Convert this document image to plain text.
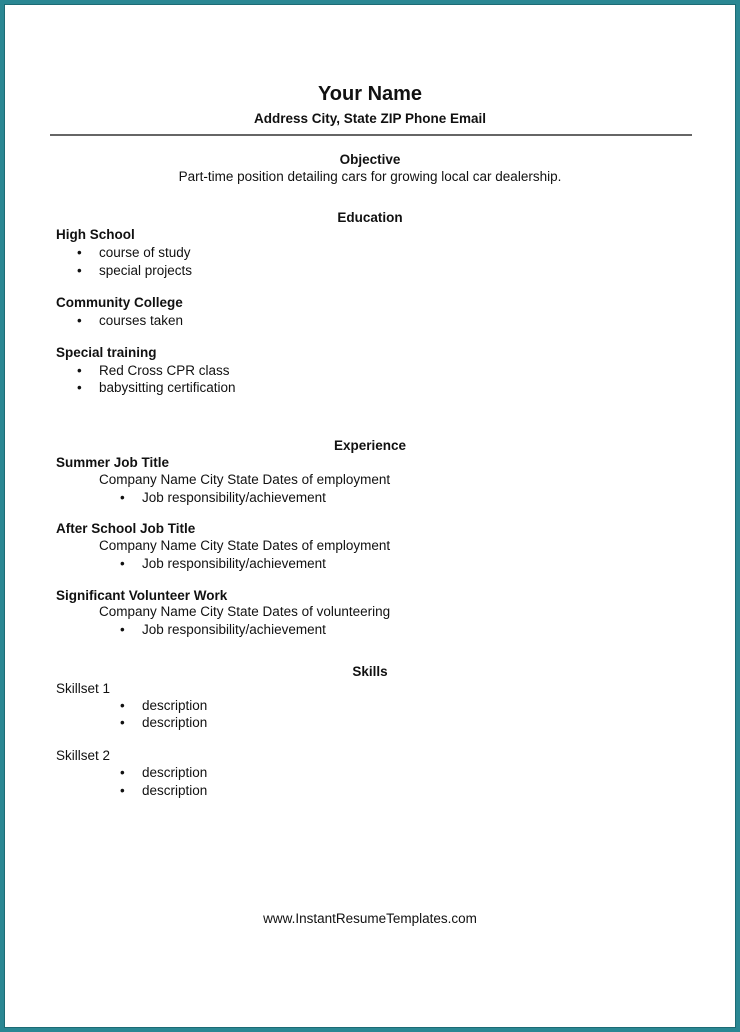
Your Name
Address City, State ZIP Phone Email
Objective
Part-time position detailing cars for growing local car dealership.
Education
High School
• course of study
• special projects
Community College
• courses taken
Special training
• Red Cross CPR class
• babysitting certification
Experience
Summer Job Title
Company Name City State Dates of employment
• Job responsibility/achievement
After School Job Title
Company Name City State Dates of employment
• Job responsibility/achievement
Significant Volunteer Work
Company Name City State Dates of volunteering
• Job responsibility/achievement
Skills
Skillset 1
• description
• description
Skillset 2
• description
• description
www.InstantResumeTemplates.com
